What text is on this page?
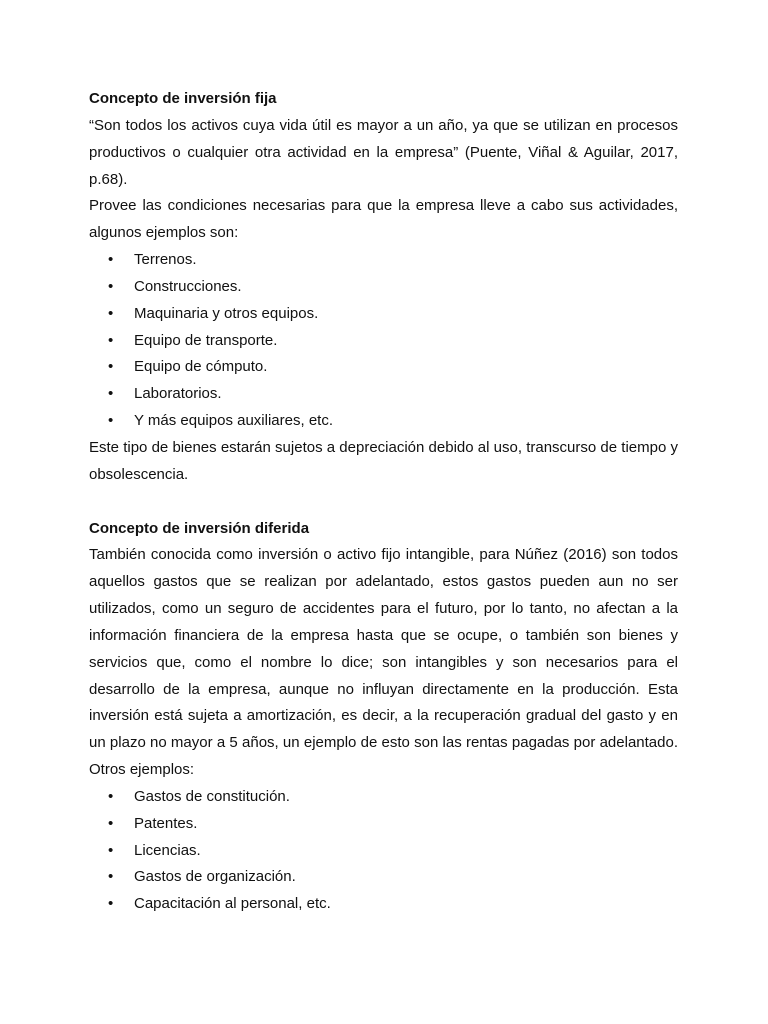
Concepto de inversión fija

“Son todos los activos cuya vida útil es mayor a un año, ya que se utilizan en procesos productivos o cualquier otra actividad en la empresa” (Puente, Viñal & Aguilar, 2017, p.68).

Provee las condiciones necesarias para que la empresa lleve a cabo sus actividades, algunos ejemplos son:

• Terrenos.
• Construcciones.
• Maquinaria y otros equipos.
• Equipo de transporte.
• Equipo de cómputo.
• Laboratorios.
• Y más equipos auxiliares, etc.

Este tipo de bienes estarán sujetos a depreciación debido al uso, transcurso de tiempo y obsolescencia.

Concepto de inversión diferida

También conocida como inversión o activo fijo intangible, para Núñez (2016) son todos aquellos gastos que se realizan por adelantado, estos gastos pueden aun no ser utilizados, como un seguro de accidentes para el futuro, por lo tanto, no afectan a la información financiera de la empresa hasta que se ocupe, o también son bienes y servicios que, como el nombre lo dice; son intangibles y son necesarios para el desarrollo de la empresa, aunque no influyan directamente en la producción. Esta inversión está sujeta a amortización, es decir, a la recuperación gradual del gasto y en un plazo no mayor a 5 años, un ejemplo de esto son las rentas pagadas por adelantado. Otros ejemplos:

• Gastos de constitución.
• Patentes.
• Licencias.
• Gastos de organización.
• Capacitación al personal, etc.
